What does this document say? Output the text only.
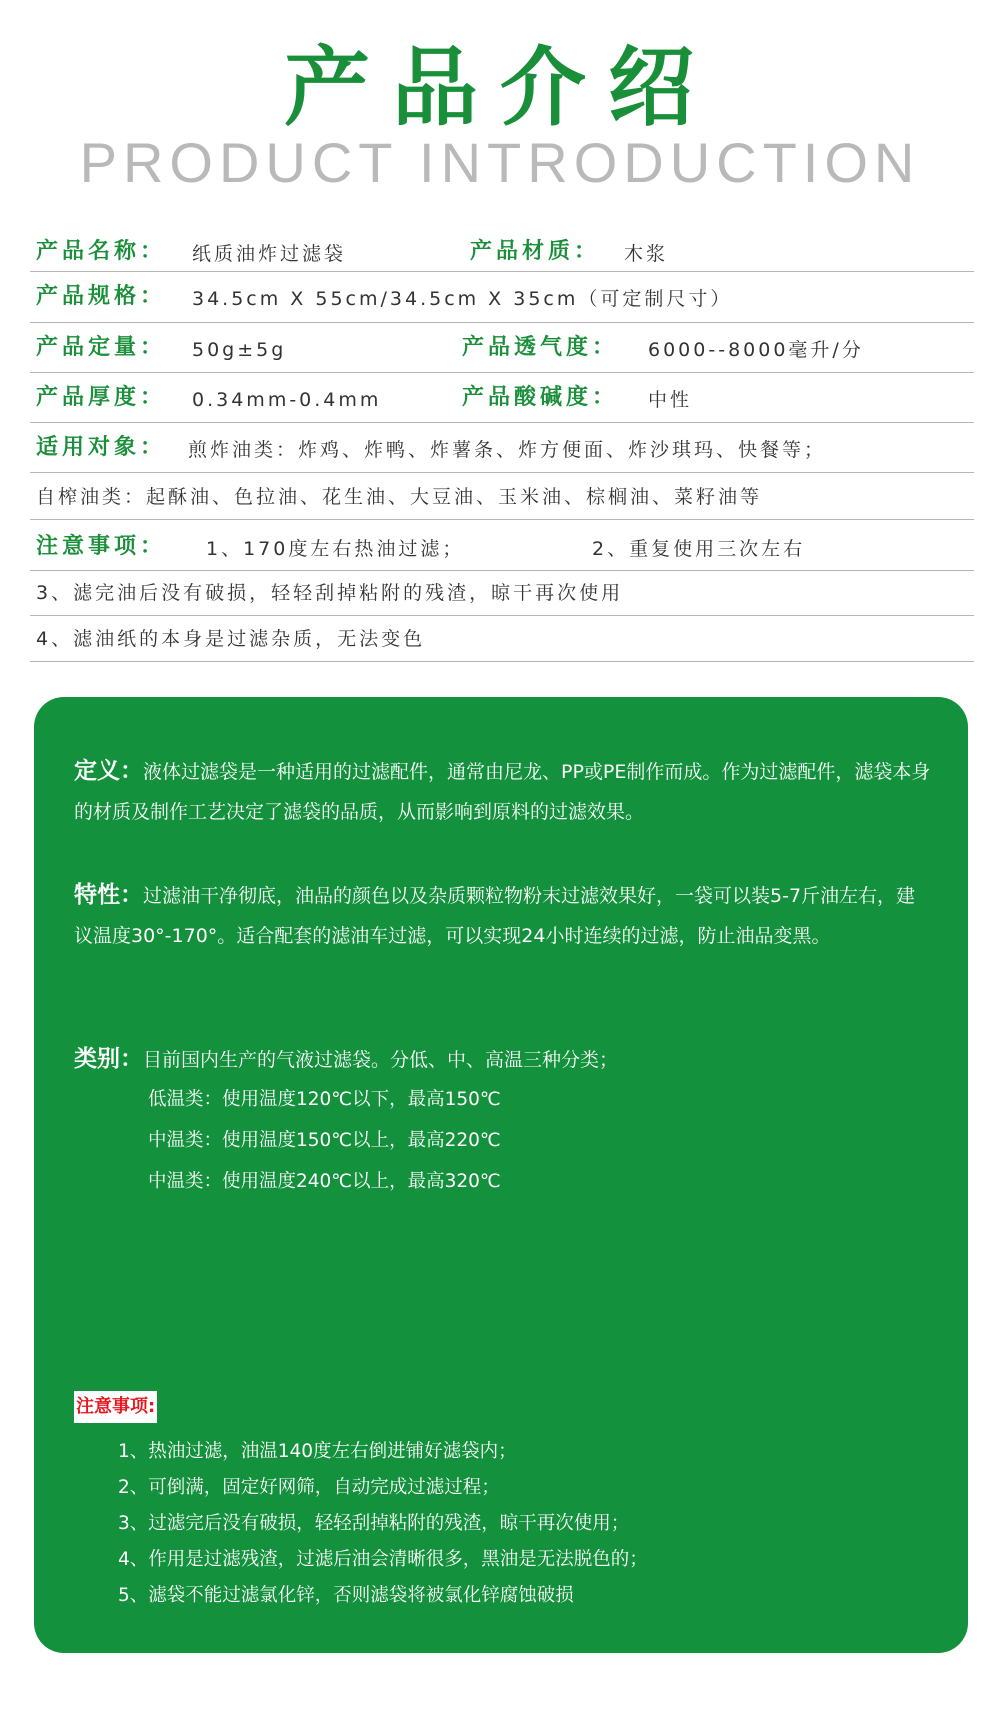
产品介绍
PRODUCT INTRODUCTION
产品名称： 纸质油炸过滤袋	产品材质： 木浆
产品规格： 34.5cm X 55cm/34.5cm X 35cm（可定制尺寸）
产品定量： 50g±5g	产品透气度： 6000--8000毫升/分
产品厚度： 0.34mm-0.4mm	产品酸碱度： 中性
适用对象： 煎炸油类：炸鸡、炸鸭、炸薯条、炸方便面、炸沙琪玛、快餐等；
自榨油类：起酥油、色拉油、花生油、大豆油、玉米油、棕榈油、菜籽油等
注意事项： 1、170度左右热油过滤；	2、重复使用三次左右
3、滤完油后没有破损，轻轻刮掉粘附的残渣，晾干再次使用
4、滤油纸的本身是过滤杂质，无法变色
定义：液体过滤袋是一种适用的过滤配件，通常由尼龙、PP或PE制作而成。作为过滤配件，滤袋本身的材质及制作工艺决定了滤袋的品质，从而影响到原料的过滤效果。
特性：过滤油干净彻底，油品的颜色以及杂质颗粒物粉末过滤效果好，一袋可以装5-7斤油左右，建议温度30°-170°。适合配套的滤油车过滤，可以实现24小时连续的过滤，防止油品变黑。
类别：目前国内生产的气液过滤袋。分低、中、高温三种分类；
低温类：使用温度120℃以下，最高150℃
中温类：使用温度150℃以上，最高220℃
中温类：使用温度240℃以上，最高320℃
注意事项:
1、热油过滤，油温140度左右倒进铺好滤袋内；
2、可倒满，固定好网筛，自动完成过滤过程；
3、过滤完后没有破损，轻轻刮掉粘附的残渣，晾干再次使用；
4、作用是过滤残渣，过滤后油会清晰很多，黑油是无法脱色的；
5、滤袋不能过滤氯化锌，否则滤袋将被氯化锌腐蚀破损
